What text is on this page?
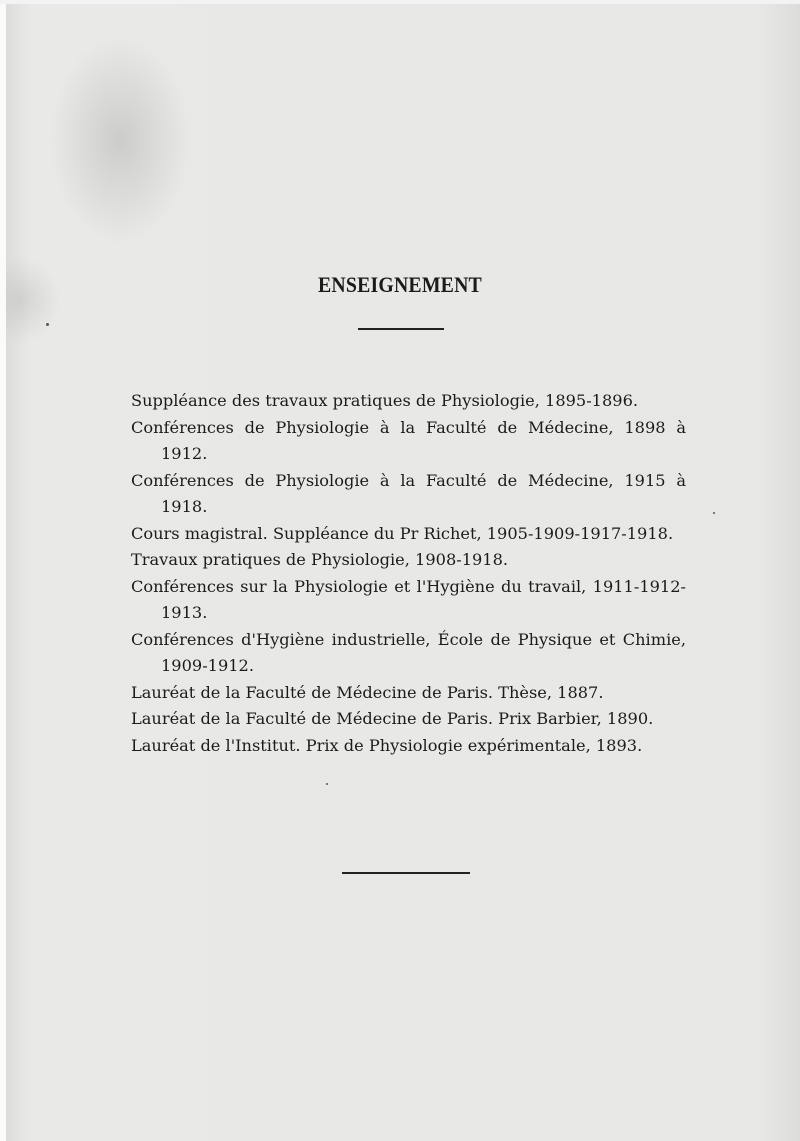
ENSEIGNEMENT
Suppléance des travaux pratiques de Physiologie, 1895-1896.
Conférences de Physiologie à la Faculté de Médecine, 1898 à 1912.
Conférences de Physiologie à la Faculté de Médecine, 1915 à 1918.
Cours magistral. Suppléance du Pr Richet, 1905-1909-1917-1918.
Travaux pratiques de Physiologie, 1908-1918.
Conférences sur la Physiologie et l'Hygiène du travail, 1911-1912-1913.
Conférences d'Hygiène industrielle, École de Physique et Chimie, 1909-1912.
Lauréat de la Faculté de Médecine de Paris. Thèse, 1887.
Lauréat de la Faculté de Médecine de Paris. Prix Barbier, 1890.
Lauréat de l'Institut. Prix de Physiologie expérimentale, 1893.
